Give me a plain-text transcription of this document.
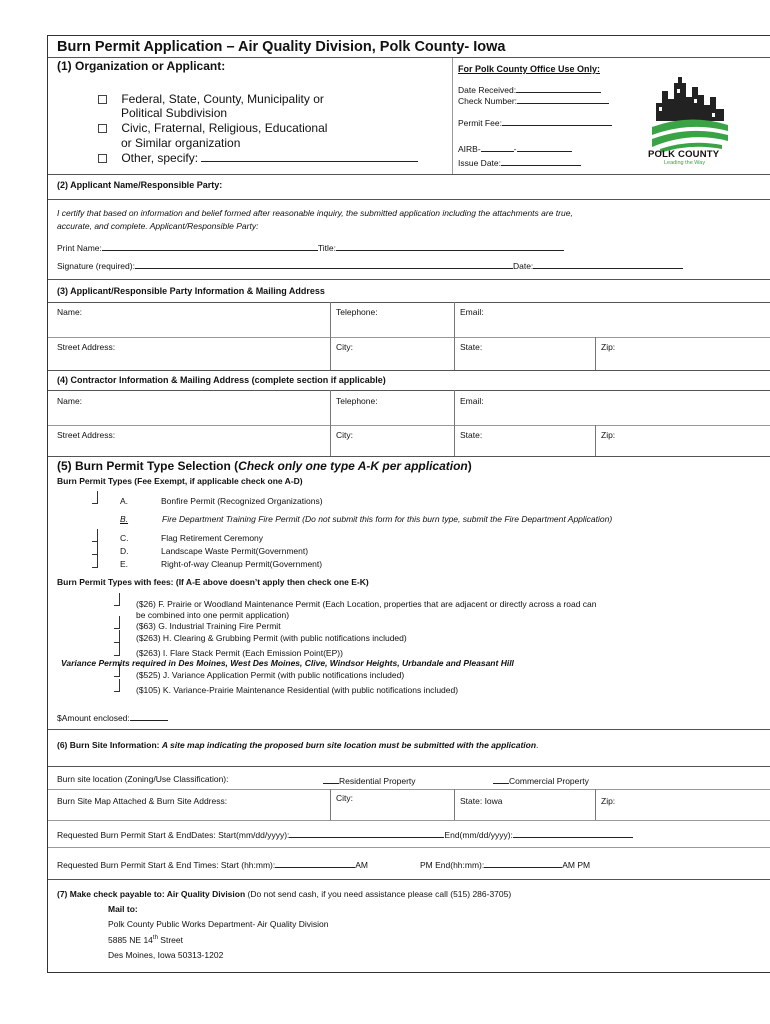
Burn Permit Application – Air Quality Division, Polk County- Iowa
(1) Organization or Applicant:
Federal, State, County, Municipality or
Political Subdivision
Civic, Fraternal, Religious, Educational
or Similar organization
Other, specify:
For Polk County Office Use Only:
Date Received:
Check Number:
Permit Fee:
AIRB-	-
Issue Date:
POLK COUNTY
Leading the Way
(2) Applicant Name/Responsible Party:
I certify that based on information and belief formed after reasonable inquiry, the submitted application including the attachments are true,
accurate, and complete. Applicant/Responsible Party:
Print Name:	Title:
Signature (required):	Date:
(3) Applicant/Responsible Party Information & Mailing Address
Name:	Telephone:	Email:
Street Address:	City:	State:	Zip:
(4) Contractor Information & Mailing Address (complete section if applicable)
Name:	Telephone:	Email:
Street Address:	City:	State:	Zip:
(5) Burn Permit Type Selection (Check only one type A-K per application)
Burn Permit Types (Fee Exempt, if applicable check one A-D)
A.	Bonfire Permit (Recognized Organizations)
B.	Fire Department Training Fire Permit (Do not submit this form for this burn type, submit the Fire Department Application)
C.	Flag Retirement Ceremony
D.	Landscape Waste Permit(Government)
E.	Right-of-way Cleanup Permit(Government)
Burn Permit Types with fees: (If A-E above doesn’t apply then check one E-K)
($26) F. Prairie or Woodland Maintenance Permit (Each Location, properties that are adjacent or directly across a road can
be combined into one permit application)
($63) G. Industrial Training Fire Permit
($263) H. Clearing & Grubbing Permit (with public notifications included)
($263) I. Flare Stack Permit (Each Emission Point(EP))
Variance Permits required in Des Moines, West Des Moines, Clive, Windsor Heights, Urbandale and Pleasant Hill
($525) J. Variance Application Permit (with public notifications included)
($105) K. Variance-Prairie Maintenance Residential (with public notifications included)
$Amount enclosed:
(6) Burn Site Information: A site map indicating the proposed burn site location must be submitted with the application.
Burn site location (Zoning/Use Classification):	Residential Property	Commercial Property
Burn Site Map Attached & Burn Site Address:	City:	State: Iowa	Zip:
Requested Burn Permit Start & EndDates: Start(mm/dd/yyyy):	End(mm/dd/yyyy):
Requested Burn Permit Start & End Times: Start (hh:mm):	AM	PM End(hh:mm):	AM PM
(7) Make check payable to: Air Quality Division (Do not send cash, if you need assistance please call (515) 286-3705)
Mail to:
Polk County Public Works Department- Air Quality Division
5885 NE 14th Street
Des Moines, Iowa 50313-1202
